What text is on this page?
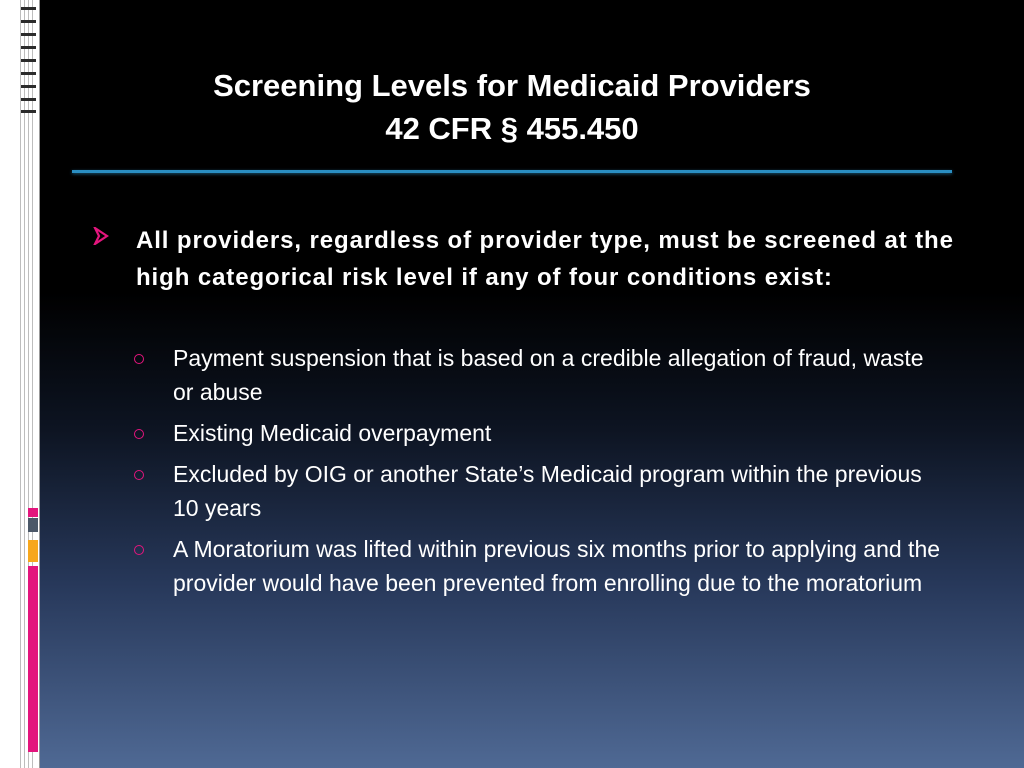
Screening Levels for Medicaid Providers
42 CFR § 455.450
All providers, regardless of provider type, must be screened at the high categorical risk level if any of four conditions exist:
Payment suspension that is based on a credible allegation of fraud, waste or abuse
Existing Medicaid overpayment
Excluded by OIG or another State’s Medicaid program within the previous 10 years
A Moratorium was lifted within previous six months prior to applying and the provider would have been prevented from enrolling due to the moratorium
